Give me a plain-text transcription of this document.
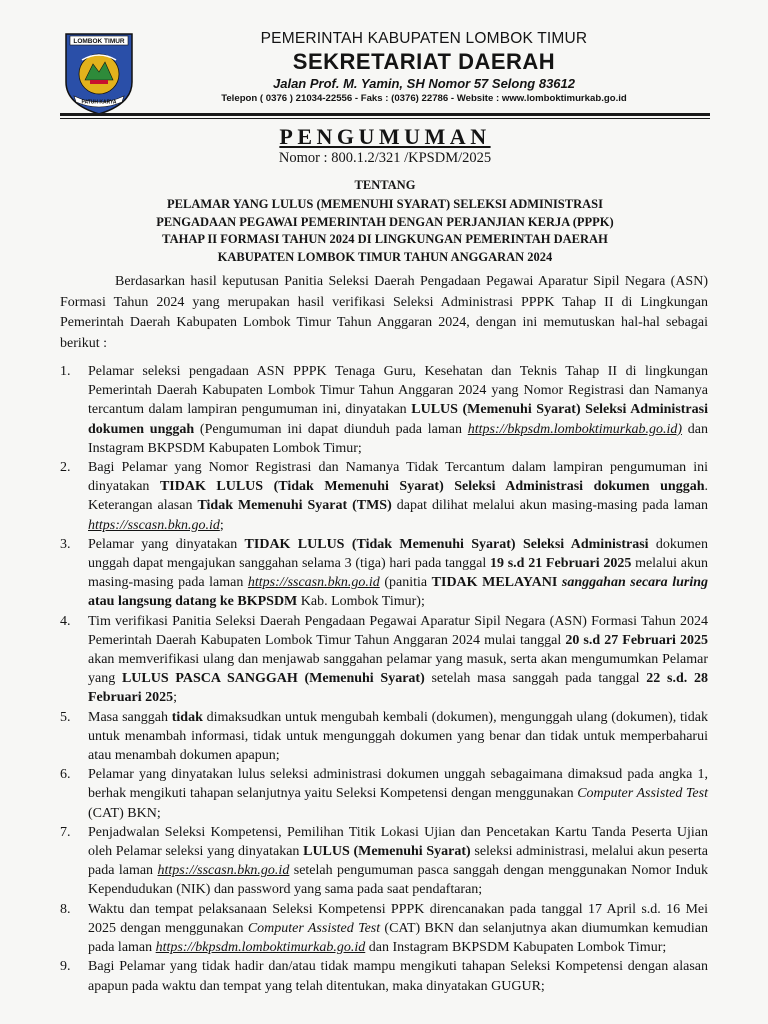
LOMBOK TIMUR
PATUH KARYA
PEMERINTAH KABUPATEN LOMBOK TIMUR
SEKRETARIAT DAERAH
Jalan Prof. M. Yamin, SH Nomor 57 Selong 83612
Telepon ( 0376 ) 21034-22556 - Faks : (0376) 22786 - Website : www.lomboktimurkab.go.id
PENGUMUMAN
Nomor : 800.1.2/321 /KPSDM/2025
TENTANG
PELAMAR YANG LULUS (MEMENUHI SYARAT) SELEKSI ADMINISTRASI
PENGADAAN PEGAWAI PEMERINTAH DENGAN PERJANJIAN KERJA (PPPK)
TAHAP II FORMASI TAHUN 2024 DI LINGKUNGAN PEMERINTAH DAERAH
KABUPATEN LOMBOK TIMUR TAHUN ANGGARAN 2024
Berdasarkan hasil keputusan Panitia Seleksi Daerah Pengadaan Pegawai Aparatur Sipil Negara (ASN) Formasi Tahun 2024 yang merupakan hasil verifikasi Seleksi Administrasi PPPK Tahap II di Lingkungan Pemerintah Daerah Kabupaten Lombok Timur Tahun Anggaran 2024, dengan ini memutuskan hal-hal sebagai berikut :
1.	Pelamar seleksi pengadaan ASN PPPK Tenaga Guru, Kesehatan dan Teknis Tahap II di lingkungan Pemerintah Daerah Kabupaten Lombok Timur Tahun Anggaran 2024 yang Nomor Registrasi dan Namanya tercantum dalam lampiran pengumuman ini, dinyatakan LULUS (Memenuhi Syarat) Seleksi Administrasi dokumen unggah (Pengumuman ini dapat diunduh pada laman https://bkpsdm.lomboktimurkab.go.id) dan Instagram BKPSDM Kabupaten Lombok Timur;
2.	Bagi Pelamar yang Nomor Registrasi dan Namanya Tidak Tercantum dalam lampiran pengumuman ini dinyatakan TIDAK LULUS (Tidak Memenuhi Syarat) Seleksi Administrasi dokumen unggah. Keterangan alasan Tidak Memenuhi Syarat (TMS) dapat dilihat melalui akun masing-masing pada laman https://sscasn.bkn.go.id;
3.	Pelamar yang dinyatakan TIDAK LULUS (Tidak Memenuhi Syarat) Seleksi Administrasi dokumen unggah dapat mengajukan sanggahan selama 3 (tiga) hari pada tanggal 19 s.d 21 Februari 2025 melalui akun masing-masing pada laman https://sscasn.bkn.go.id (panitia TIDAK MELAYANI sanggahan secara luring atau langsung datang ke BKPSDM Kab. Lombok Timur);
4.	Tim verifikasi Panitia Seleksi Daerah Pengadaan Pegawai Aparatur Sipil Negara (ASN) Formasi Tahun 2024 Pemerintah Daerah Kabupaten Lombok Timur Tahun Anggaran 2024 mulai tanggal 20 s.d 27 Februari 2025 akan memverifikasi ulang dan menjawab sanggahan pelamar yang masuk, serta akan mengumumkan Pelamar yang LULUS PASCA SANGGAH (Memenuhi Syarat) setelah masa sanggah pada tanggal 22 s.d. 28 Februari 2025;
5.	Masa sanggah tidak dimaksudkan untuk mengubah kembali (dokumen), mengunggah ulang (dokumen), tidak untuk menambah informasi, tidak untuk mengunggah dokumen yang benar dan tidak untuk memperbaharui atau menambah dokumen apapun;
6.	Pelamar yang dinyatakan lulus seleksi administrasi dokumen unggah sebagaimana dimaksud pada angka 1, berhak mengikuti tahapan selanjutnya yaitu Seleksi Kompetensi dengan menggunakan Computer Assisted Test (CAT) BKN;
7.	Penjadwalan Seleksi Kompetensi, Pemilihan Titik Lokasi Ujian dan Pencetakan Kartu Tanda Peserta Ujian oleh Pelamar seleksi yang dinyatakan LULUS (Memenuhi Syarat) seleksi administrasi, melalui akun peserta pada laman https://sscasn.bkn.go.id setelah pengumuman pasca sanggah dengan menggunakan Nomor Induk Kependudukan (NIK) dan password yang sama pada saat pendaftaran;
8.	Waktu dan tempat pelaksanaan Seleksi Kompetensi PPPK direncanakan pada tanggal 17 April s.d. 16 Mei 2025 dengan menggunakan Computer Assisted Test (CAT) BKN dan selanjutnya akan diumumkan kemudian pada laman https://bkpsdm.lomboktimurkab.go.id dan Instagram BKPSDM Kabupaten Lombok Timur;
9.	Bagi Pelamar yang tidak hadir dan/atau tidak mampu mengikuti tahapan Seleksi Kompetensi dengan alasan apapun pada waktu dan tempat yang telah ditentukan, maka dinyatakan GUGUR;
